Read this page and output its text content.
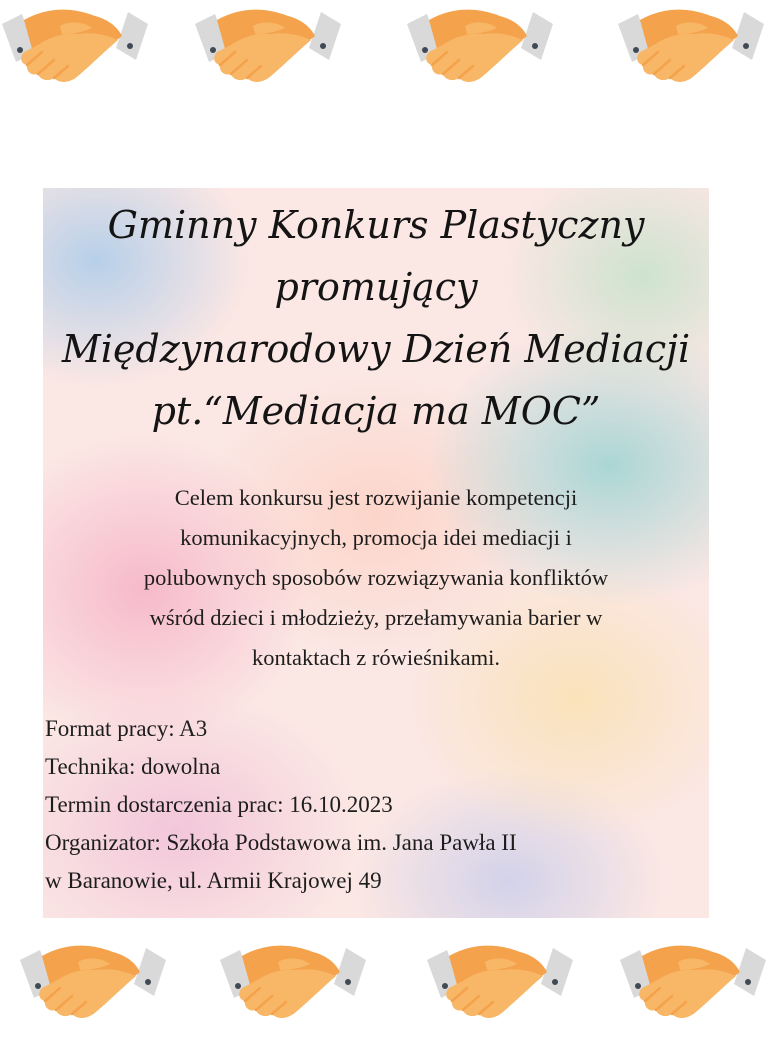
Gminny Konkurs Plastyczny
promujący
Międzynarodowy Dzień Mediacji
pt.“Mediacja ma MOC”
Celem konkursu jest rozwijanie kompetencji
komunikacyjnych, promocja idei mediacji i
polubownych sposobów rozwiązywania konfliktów
wśród dzieci i młodzieży, przełamywania barier w
kontaktach z rówieśnikami.
Format pracy: A3
Technika: dowolna
Termin dostarczenia prac: 16.10.2023
Organizator: Szkoła Podstawowa im. Jana Pawła II
w Baranowie, ul. Armii Krajowej 49
